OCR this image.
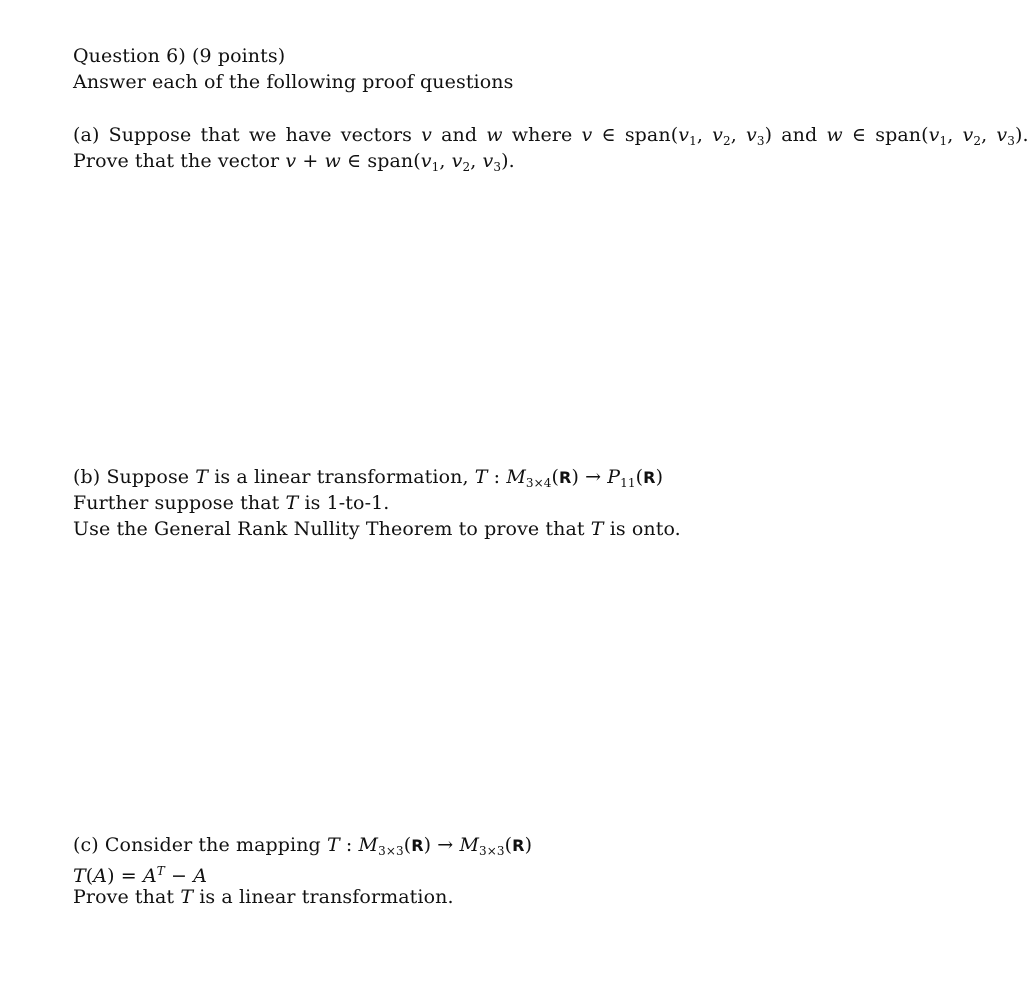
Question 6) (9 points)
Answer each of the following proof questions
(a) Suppose that we have vectors v and w where v ∈ $span(v_1$, $v_2$, $v_3$) and w ∈ $span(v_1$, $v_2$, $v_3$).
Prove that the vector v + w ∈ $span(v_1$, $v_2$, $v_3$).
(b) Suppose T is a linear transformation, T : $M_{3\times 4}(R) \to P_{11}(R)$
Further suppose that T is 1-to-1.
Use the General Rank Nullity Theorem to prove that T is onto.
(c) Consider the mapping T : $M_{3\times 3}(R) \to M_{3\times 3}(R)$
$T(A) = A^T - A$
Prove that T is a linear transformation.
